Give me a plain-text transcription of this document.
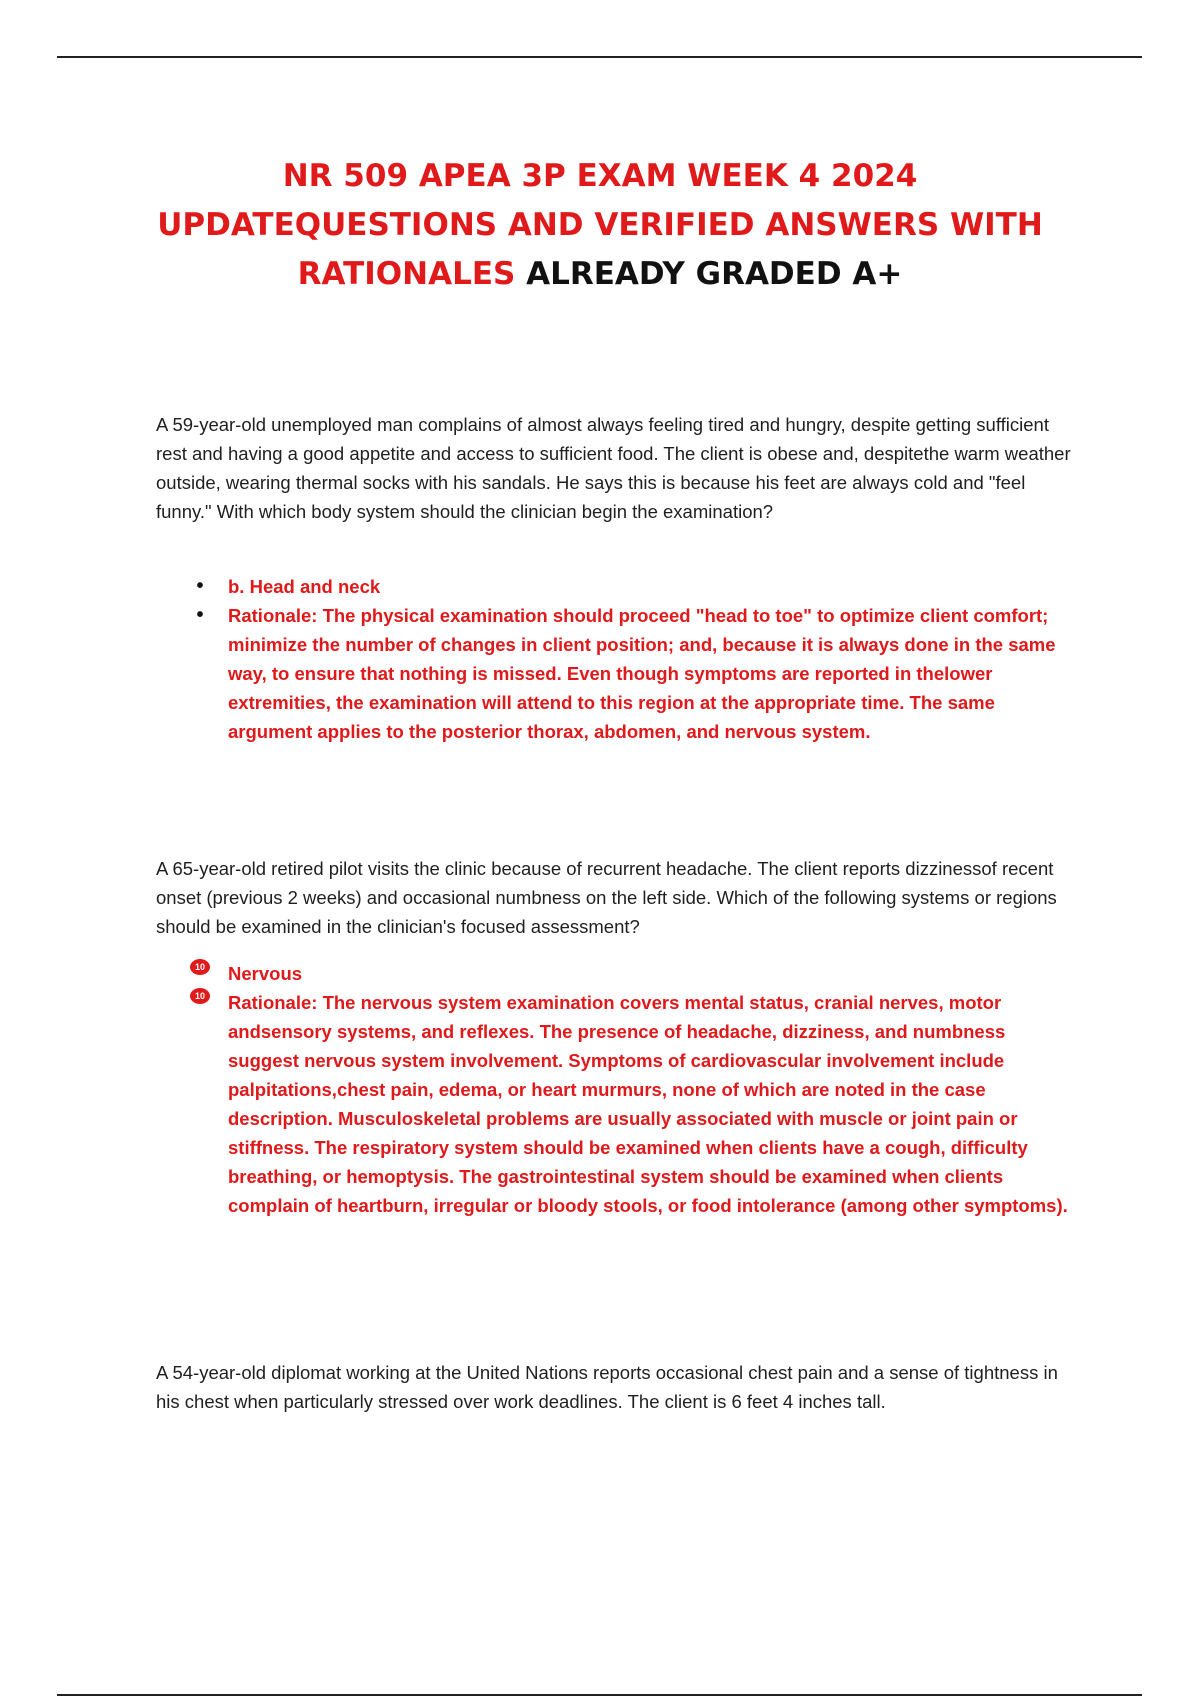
NR 509 APEA 3P EXAM WEEK 4 2024 UPDATEQUESTIONS AND VERIFIED ANSWERS WITH RATIONALES ALREADY GRADED A+

A 59-year-old unemployed man complains of almost always feeling tired and hungry, despite getting sufficient rest and having a good appetite and access to sufficient food. The client is obese and, despitethe warm weather outside, wearing thermal socks with his sandals. He says this is because his feet are always cold and "feel funny." With which body system should the clinician begin the examination?

•	b. Head and neck
•	Rationale: The physical examination should proceed "head to toe" to optimize client comfort; minimize the number of changes in client position; and, because it is always done in the same way, to ensure that nothing is missed. Even though symptoms are reported in thelower extremities, the examination will attend to this region at the appropriate time. The same argument applies to the posterior thorax, abdomen, and nervous system.

A 65-year-old retired pilot visits the clinic because of recurrent headache. The client reports dizzinessof recent onset (previous 2 weeks) and occasional numbness on the left side. Which of the following systems or regions should be examined in the clinician's focused assessment?

10 Nervous
10 Rationale: The nervous system examination covers mental status, cranial nerves, motor andsensory systems, and reflexes. The presence of headache, dizziness, and numbness suggest nervous system involvement. Symptoms of cardiovascular involvement include palpitations,chest pain, edema, or heart murmurs, none of which are noted in the case description. Musculoskeletal problems are usually associated with muscle or joint pain or stiffness. The respiratory system should be examined when clients have a cough, difficulty breathing, or hemoptysis. The gastrointestinal system should be examined when clients complain of heartburn, irregular or bloody stools, or food intolerance (among other symptoms).

A 54-year-old diplomat working at the United Nations reports occasional chest pain and a sense of tightness in his chest when particularly stressed over work deadlines. The client is 6 feet 4 inches tall.
